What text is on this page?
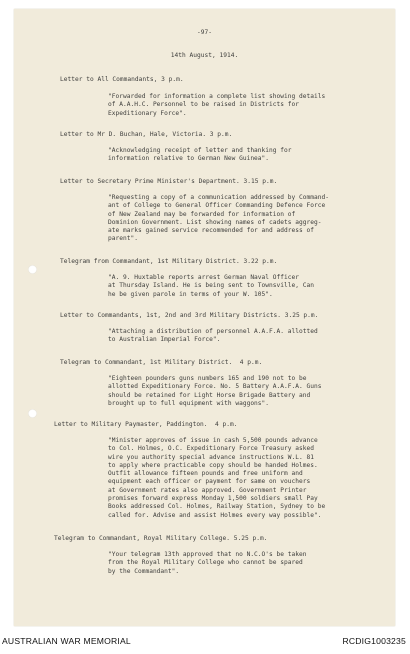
-97-

14th August, 1914.

Letter to All Commandants, 3 p.m.

"Forwarded for information a complete list showing details
of A.A.H.C. Personnel to be raised in Districts for
Expeditionary Force".

Letter to Mr D. Buchan, Hale, Victoria. 3 p.m.

"Acknowledging receipt of letter and thanking for
information relative to German New Guinea".

Letter to Secretary Prime Minister's Department. 3.15 p.m.

"Requesting a copy of a communication addressed by Command-
ant of College to General Officer Commanding Defence Force
of New Zealand may be forwarded for information of
Dominion Government. List showing names of cadets aggreg-
ate marks gained service recommended for and address of
parent".

Telegram from Commandant, 1st Military District. 3.22 p.m.

"A. 9. Huxtable reports arrest German Naval Officer
at Thursday Island. He is being sent to Townsville, Can
he be given parole in terms of your W. 105".

Letter to Commandants, 1st, 2nd and 3rd Military Districts. 3.25 p.m.

"Attaching a distribution of personnel A.A.F.A. allotted
to Australian Imperial Force".

Telegram to Commandant, 1st Military District.  4 p.m.

"Eighteen pounders guns numbers 165 and 190 not to be
allotted Expeditionary Force. No. 5 Battery A.A.F.A. Guns
should be retained for Light Horse Brigade Battery and
brought up to full equipment with waggons".

Letter to Military Paymaster, Paddington.  4 p.m.

"Minister approves of issue in cash 5,500 pounds advance
to Col. Holmes, O.C. Expeditionary Force Treasury asked
wire you authority special advance instructions W.L. 81
to apply where practicable copy should be handed Holmes.
Outfit allowance fifteen pounds and free uniform and
equipment each officer or payment for same on vouchers
at Government rates also approved. Government Printer
promises forward express Monday 1,500 soldiers small Pay
Books addressed Col. Holmes, Railway Station, Sydney to be
called for. Advise and assist Holmes every way possible".

Telegram to Commandant, Royal Military College. 5.25 p.m.

"Your telegram 13th approved that no N.C.O's be taken
from the Royal Military College who cannot be spared
by the Commandant".

AUSTRALIAN WAR MEMORIAL	RCDIG1003235
